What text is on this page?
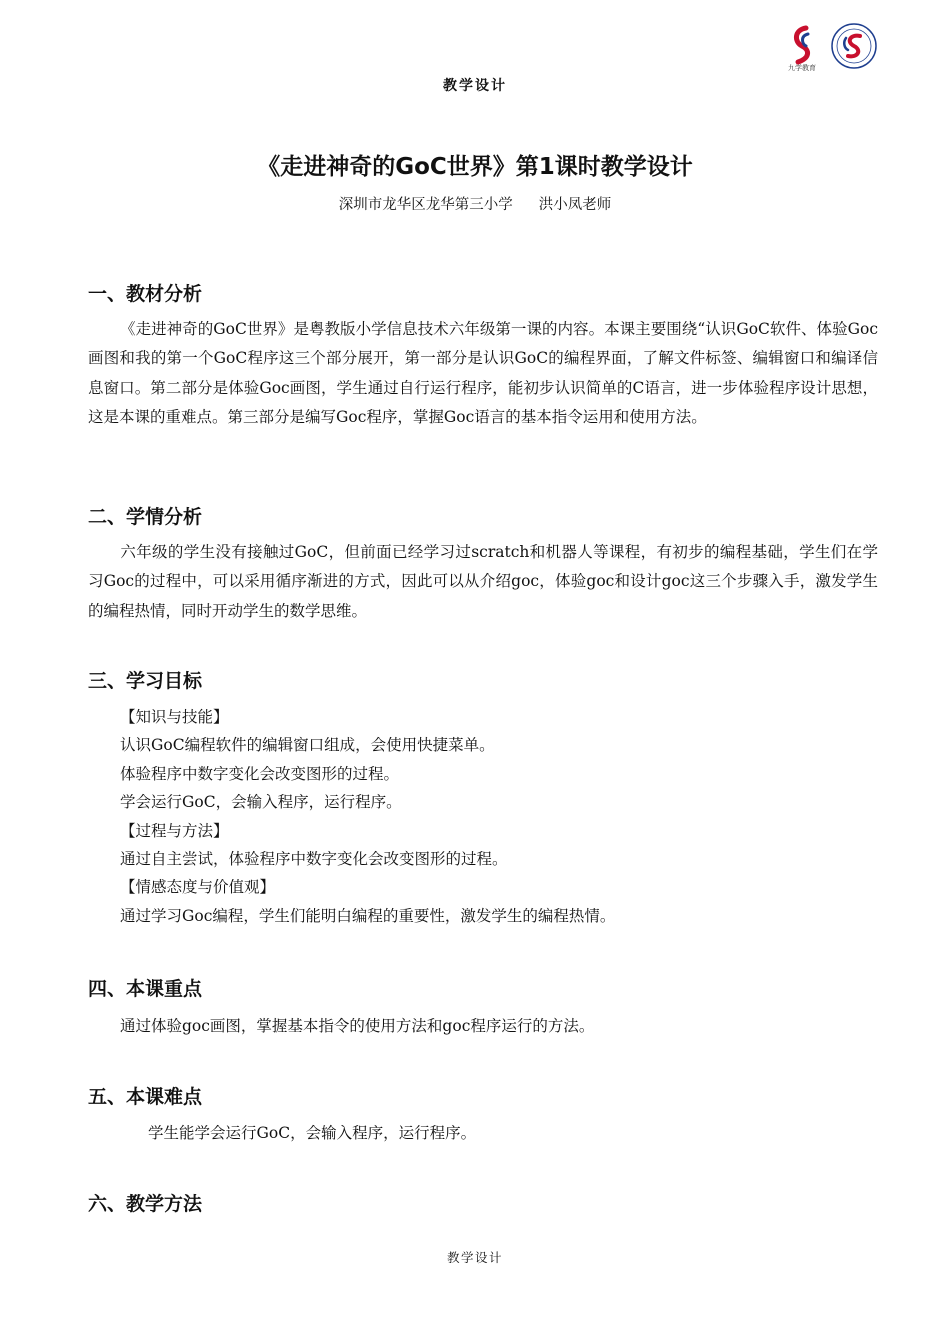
九学教育
教学设计
《走进神奇的GoC世界》第1课时教学设计
深圳市龙华区龙华第三小学 洪小凤老师
一、教材分析
《走进神奇的GoC世界》是粤教版小学信息技术六年级第一课的内容。本课主要围绕“认识GoC软件、体验Goc画图和我的第一个GoC程序这三个部分展开，第一部分是认识GoC的编程界面，了解文件标签、编辑窗口和编译信息窗口。第二部分是体验Goc画图，学生通过自行运行程序，能初步认识简单的C语言，进一步体验程序设计思想，这是本课的重难点。第三部分是编写Goc程序，掌握Goc语言的基本指令运用和使用方法。
二、学情分析
六年级的学生没有接触过GoC，但前面已经学习过scratch和机器人等课程，有初步的编程基础，学生们在学习Goc的过程中，可以采用循序渐进的方式，因此可以从介绍goc，体验goc和设计goc这三个步骤入手，激发学生的编程热情，同时开动学生的数学思维。
三、学习目标
【知识与技能】
认识GoC编程软件的编辑窗口组成，会使用快捷菜单。
体验程序中数字变化会改变图形的过程。
学会运行GoC，会输入程序，运行程序。
【过程与方法】
通过自主尝试，体验程序中数字变化会改变图形的过程。
【情感态度与价值观】
通过学习Goc编程，学生们能明白编程的重要性，激发学生的编程热情。
四、本课重点
通过体验goc画图，掌握基本指令的使用方法和goc程序运行的方法。
五、本课难点
学生能学会运行GoC，会输入程序，运行程序。
六、教学方法
教学设计
